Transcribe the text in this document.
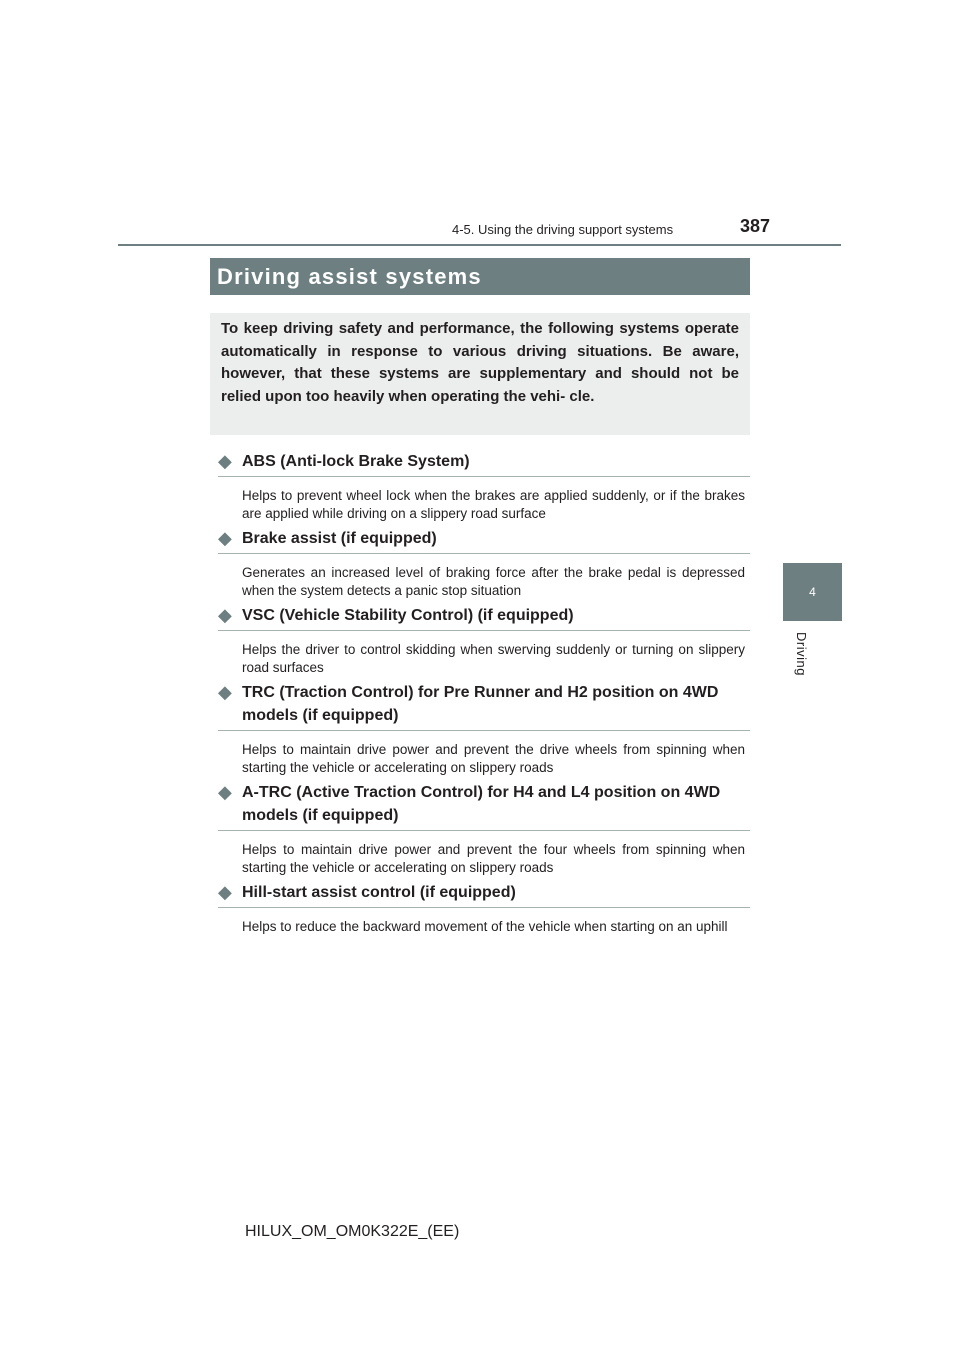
4-5. Using the driving support systems	387
4
Driving
Driving assist systems
To keep driving safety and performance, the following systems operate automatically in response to various driving situations. Be aware, however, that these systems are supplementary and should not be relied upon too heavily when operating the vehi- cle.
◆ ABS (Anti-lock Brake System)
Helps to prevent wheel lock when the brakes are applied suddenly, or if the brakes are applied while driving on a slippery road surface
◆ Brake assist (if equipped)
Generates an increased level of braking force after the brake pedal is depressed when the system detects a panic stop situation
◆ VSC (Vehicle Stability Control) (if equipped)
Helps the driver to control skidding when swerving suddenly or turning on slippery road surfaces
◆ TRC (Traction Control) for Pre Runner and H2 position on 4WD models (if equipped)
Helps to maintain drive power and prevent the drive wheels from spinning when starting the vehicle or accelerating on slippery roads
◆ A-TRC (Active Traction Control) for H4 and L4 position on 4WD models (if equipped)
Helps to maintain drive power and prevent the four wheels from spinning when starting the vehicle or accelerating on slippery roads
◆ Hill-start assist control (if equipped)
Helps to reduce the backward movement of the vehicle when starting on an uphill
HILUX_OM_OM0K322E_(EE)
